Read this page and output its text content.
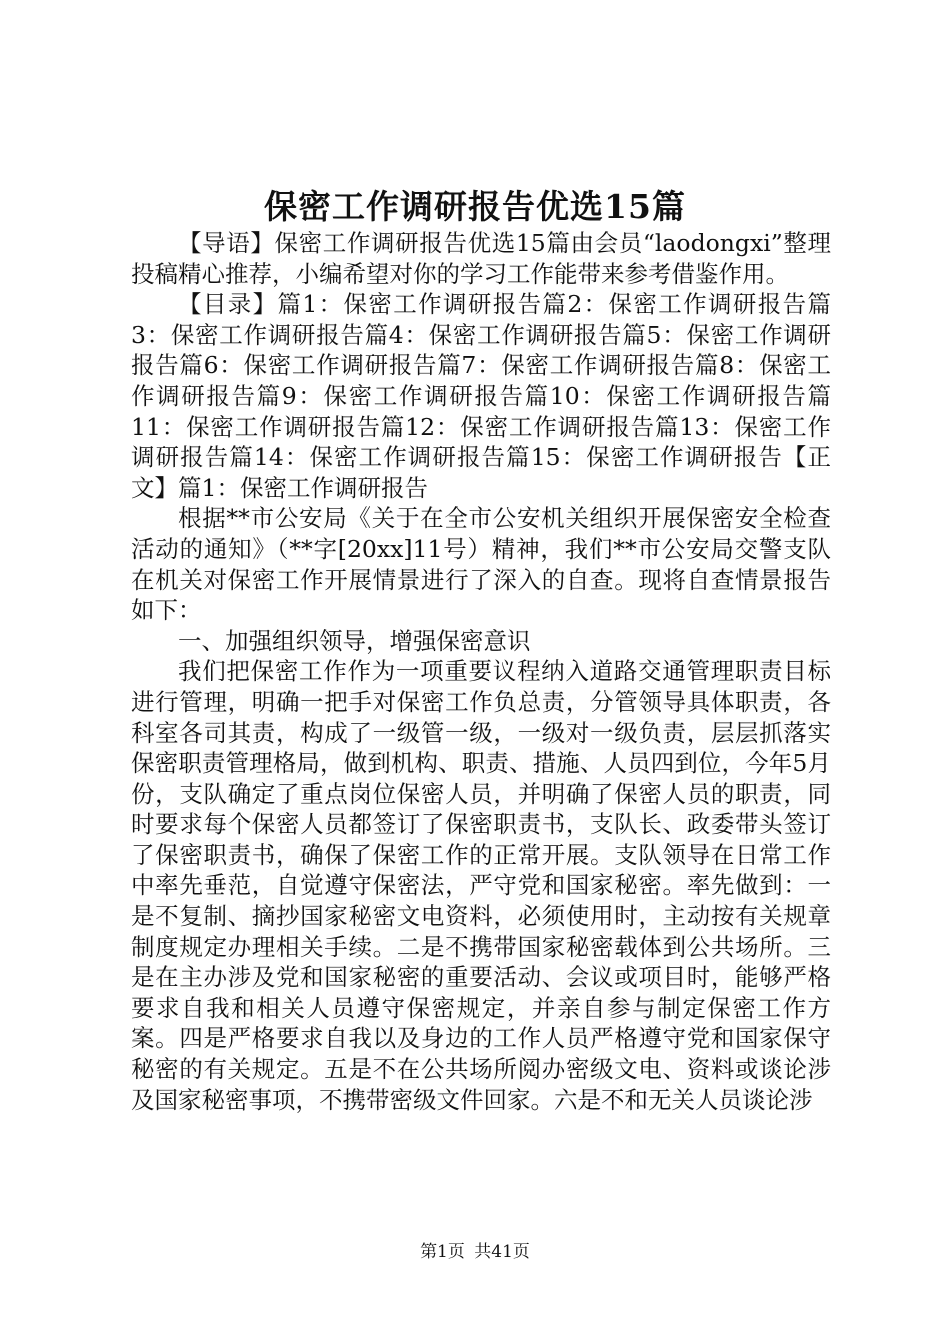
保密工作调研报告优选15篇

【导语】保密工作调研报告优选15篇由会员“laodongxi”整理投稿精心推荐，小编希望对你的学习工作能带来参考借鉴作用。

【目录】篇1：保密工作调研报告篇2：保密工作调研报告篇3：保密工作调研报告篇4：保密工作调研报告篇5：保密工作调研报告篇6：保密工作调研报告篇7：保密工作调研报告篇8：保密工作调研报告篇9：保密工作调研报告篇10：保密工作调研报告篇11：保密工作调研报告篇12：保密工作调研报告篇13：保密工作调研报告篇14：保密工作调研报告篇15：保密工作调研报告【正文】篇1：保密工作调研报告

根据**市公安局《关于在全市公安机关组织开展保密安全检查活动的通知》（**字[20xx]11号）精神，我们**市公安局交警支队在机关对保密工作开展情景进行了深入的自查。现将自查情景报告如下：

一、加强组织领导，增强保密意识

我们把保密工作作为一项重要议程纳入道路交通管理职责目标进行管理，明确一把手对保密工作负总责，分管领导具体职责，各科室各司其责，构成了一级管一级，一级对一级负责，层层抓落实保密职责管理格局，做到机构、职责、措施、人员四到位，今年5月份，支队确定了重点岗位保密人员，并明确了保密人员的职责，同时要求每个保密人员都签订了保密职责书，支队长、政委带头签订了保密职责书，确保了保密工作的正常开展。支队领导在日常工作中率先垂范，自觉遵守保密法，严守党和国家秘密。率先做到：一是不复制、摘抄国家秘密文电资料，必须使用时，主动按有关规章制度规定办理相关手续。二是不携带国家秘密载体到公共场所。三是在主办涉及党和国家秘密的重要活动、会议或项目时，能够严格要求自我和相关人员遵守保密规定，并亲自参与制定保密工作方案。四是严格要求自我以及身边的工作人员严格遵守党和国家保守秘密的有关规定。五是不在公共场所阅办密级文电、资料或谈论涉及国家秘密事项，不携带密级文件回家。六是不和无关人员谈论涉

第1页 共41页
